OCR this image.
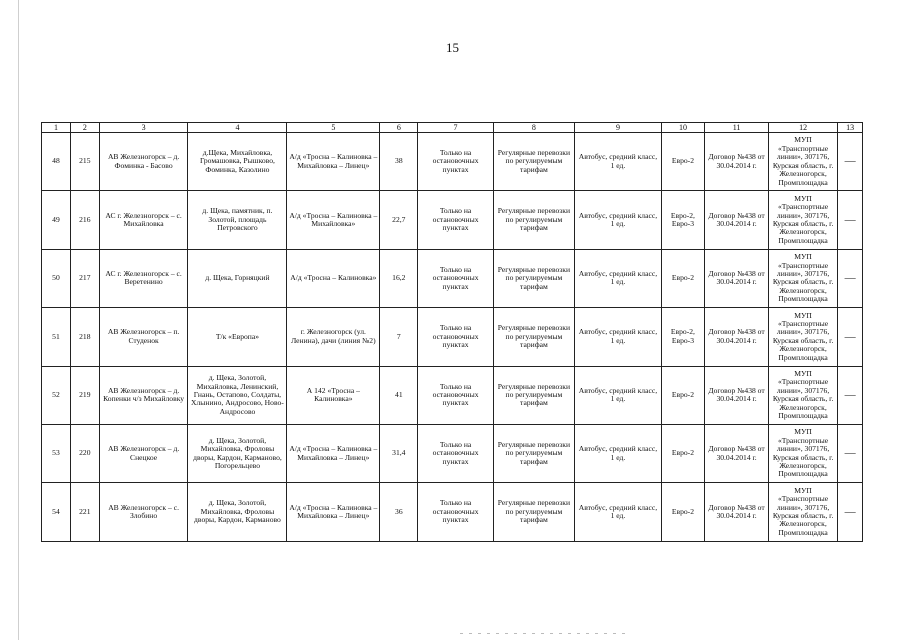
15
1	2	3	4	5	6	7	8	9	10	11	12	13
48	215	АВ Железногорск – д. Фоминка - Басово	д.Щека, Михайловка, Громашовка, Рышково, Фоминка, Казолино	А/д «Тросна – Калиновка – Михайловка – Линец»	38	Только на остановочных пунктах	Регулярные перевозки по регулируемым тарифам	Автобус, средний класс, 1 ед.	Евро-2	Договор №438 от 30.04.2014 г.	МУП «Транспортные линии», 307176, Курская область, г. Железногорск, Промплощадка	—
49	216	АС г. Железногорск – с. Михайловка	д. Щека, памятник, п. Золотой, площадь Петровского	А/д «Тросна – Калиновка – Михайловка»	22,7	Только на остановочных пунктах	Регулярные перевозки по регулируемым тарифам	Автобус, средний класс, 1 ед.	Евро-2, Евро-3	Договор №438 от 30.04.2014 г.	МУП «Транспортные линии», 307176, Курская область, г. Железногорск, Промплощадка	—
50	217	АС г. Железногорск – с. Веретенино	д. Щека, Горняцкий	А/д «Тросна – Калиновка»	16,2	Только на остановочных пунктах	Регулярные перевозки по регулируемым тарифам	Автобус, средний класс, 1 ед.	Евро-2	Договор №438 от 30.04.2014 г.	МУП «Транспортные линии», 307176, Курская область, г. Железногорск, Промплощадка	—
51	218	АВ Железногорск – п. Студенок	Т/к «Европа»	г. Железногорск (ул. Ленина), дачи (линия №2)	7	Только на остановочных пунктах	Регулярные перевозки по регулируемым тарифам	Автобус, средний класс, 1 ед.	Евро-2, Евро-3	Договор №438 от 30.04.2014 г.	МУП «Транспортные линии», 307176, Курская область, г. Железногорск, Промплощадка	—
52	219	АВ Железногорск – д. Копенки ч/з Михайловку	д. Щека, Золотой, Михайловка, Ленинский, Гнань, Остапово, Солдаты, Хлынино, Андросово, Ново-Андросово	А 142 «Тросна – Калиновка»	41	Только на остановочных пунктах	Регулярные перевозки по регулируемым тарифам	Автобус, средний класс, 1 ед.	Евро-2	Договор №438 от 30.04.2014 г.	МУП «Транспортные линии», 307176, Курская область, г. Железногорск, Промплощадка	—
53	220	АВ Железногорск – д. Снецкое	д. Щека, Золотой, Михайловка, Фроловы дворы, Кардон, Карманово, Погорельцево	А/д «Тросна – Калиновка – Михайловка – Линец»	31,4	Только на остановочных пунктах	Регулярные перевозки по регулируемым тарифам	Автобус, средний класс, 1 ед.	Евро-2	Договор №438 от 30.04.2014 г.	МУП «Транспортные линии», 307176, Курская область, г. Железногорск, Промплощадка	—
54	221	АВ Железногорск – с. Злобино	д. Щека, Золотой, Михайловка, Фроловы дворы, Кардон, Карманово	А/д «Тросна – Калиновка – Михайловка – Линец»	36	Только на остановочных пунктах	Регулярные перевозки по регулируемым тарифам	Автобус, средний класс, 1 ед.	Евро-2	Договор №438 от 30.04.2014 г.	МУП «Транспортные линии», 307176, Курская область, г. Железногорск, Промплощадка	—
